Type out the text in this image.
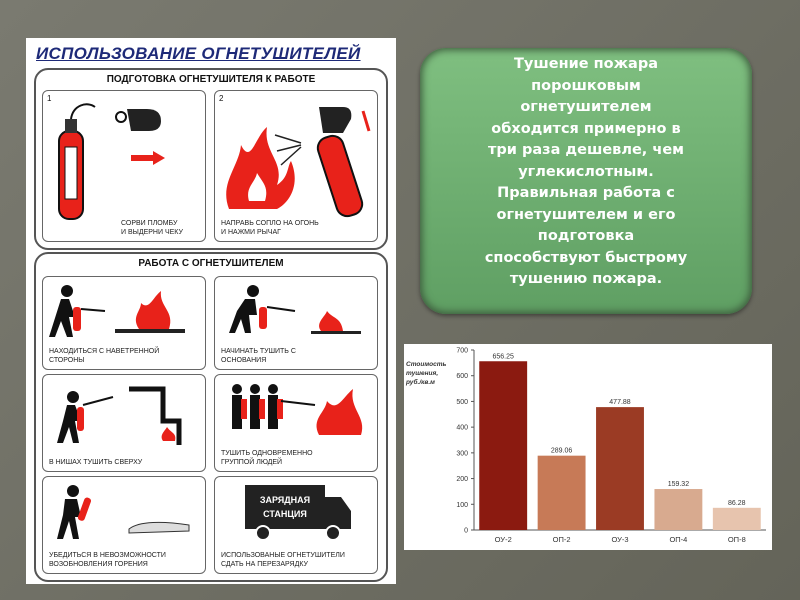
ИСПОЛЬЗОВАНИЕ ОГНЕТУШИТЕЛЕЙ
ПОДГОТОВКА ОГНЕТУШИТЕЛЯ К РАБОТЕ
1
СОРВИ ПЛОМБУ
И ВЫДЕРНИ ЧЕКУ
2
НАПРАВЬ СОПЛО НА ОГОНЬ
И НАЖМИ РЫЧАГ
РАБОТА С ОГНЕТУШИТЕЛЕМ
НАХОДИТЬСЯ С НАВЕТРЕННОЙ
СТОРОНЫ
НАЧИНАТЬ ТУШИТЬ С
ОСНОВАНИЯ
В НИШАХ ТУШИТЬ СВЕРХУ
ТУШИТЬ ОДНОВРЕМЕННО
ГРУППОЙ ЛЮДЕЙ
УБЕДИТЬСЯ В НЕВОЗМОЖНОСТИ
ВОЗОБНОВЛЕНИЯ ГОРЕНИЯ
ЗАРЯДНАЯ
СТАНЦИЯ
ИСПОЛЬЗОВАНЫЕ ОГНЕТУШИТЕЛИ
СДАТЬ НА ПЕРЕЗАРЯДКУ
Тушение пожара
порошковым
огнетушителем
обходится примерно в
три раза дешевле, чем
углекислотным.
Правильная работа с
огнетушителем и его
подготовка
способствуют быстрому
тушению пожара.
Стоимость
тушения,
руб./кв.м
0
100
200
300
400
500
600
700
656.25
ОУ-2
289.06
ОП-2
477.88
ОУ-3
159.32
ОП-4
86.28
ОП-8
